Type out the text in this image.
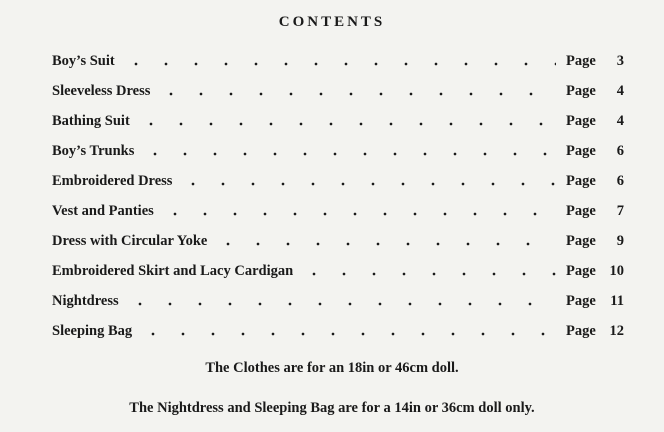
CONTENTS
Boy’s Suit	Page 3
Sleeveless Dress	Page 4
Bathing Suit	Page 4
Boy’s Trunks	Page 6
Embroidered Dress	Page 6
Vest and Panties	Page 7
Dress with Circular Yoke	Page 9
Embroidered Skirt and Lacy Cardigan	Page 10
Nightdress	Page 11
Sleeping Bag	Page 12
The Clothes are for an 18in or 46cm doll.
The Nightdress and Sleeping Bag are for a 14in or 36cm doll only.
